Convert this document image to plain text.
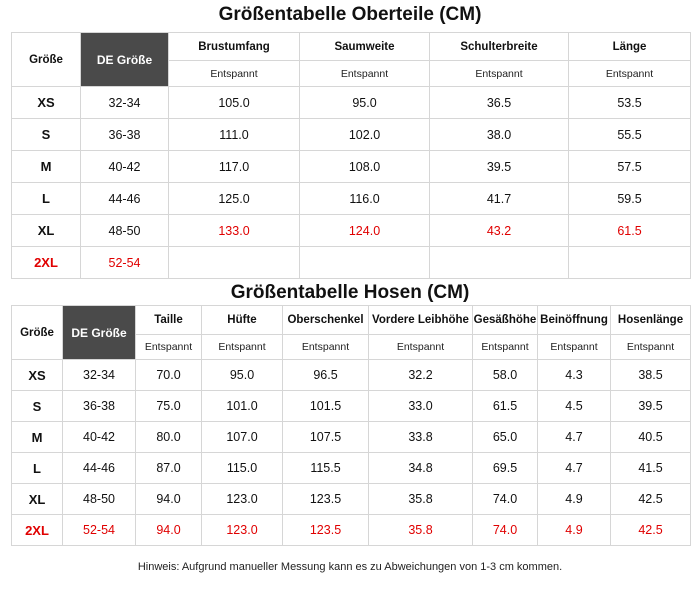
Größentabelle Oberteile (CM)
Größe	DE Größe	Brustumfang	Saumweite	Schulterbreite	Länge
		Entspannt	Entspannt	Entspannt	Entspannt
XS	32-34	105.0	95.0	36.5	53.5
S	36-38	111.0	102.0	38.0	55.5
M	40-42	117.0	108.0	39.5	57.5
L	44-46	125.0	116.0	41.7	59.5
XL	48-50	133.0	124.0	43.2	61.5
2XL	52-54				
Größentabelle Hosen (CM)
Größe	DE Größe	Taille	Hüfte	Oberschenkel	Vordere Leibhöhe	Gesäßhöhe	Beinöffnung	Hosenlänge
		Entspannt	Entspannt	Entspannt	Entspannt	Entspannt	Entspannt	Entspannt
XS	32-34	70.0	95.0	96.5	32.2	58.0	4.3	38.5
S	36-38	75.0	101.0	101.5	33.0	61.5	4.5	39.5
M	40-42	80.0	107.0	107.5	33.8	65.0	4.7	40.5
L	44-46	87.0	115.0	115.5	34.8	69.5	4.7	41.5
XL	48-50	94.0	123.0	123.5	35.8	74.0	4.9	42.5
2XL	52-54	94.0	123.0	123.5	35.8	74.0	4.9	42.5
Hinweis: Aufgrund manueller Messung kann es zu Abweichungen von 1-3 cm kommen.
